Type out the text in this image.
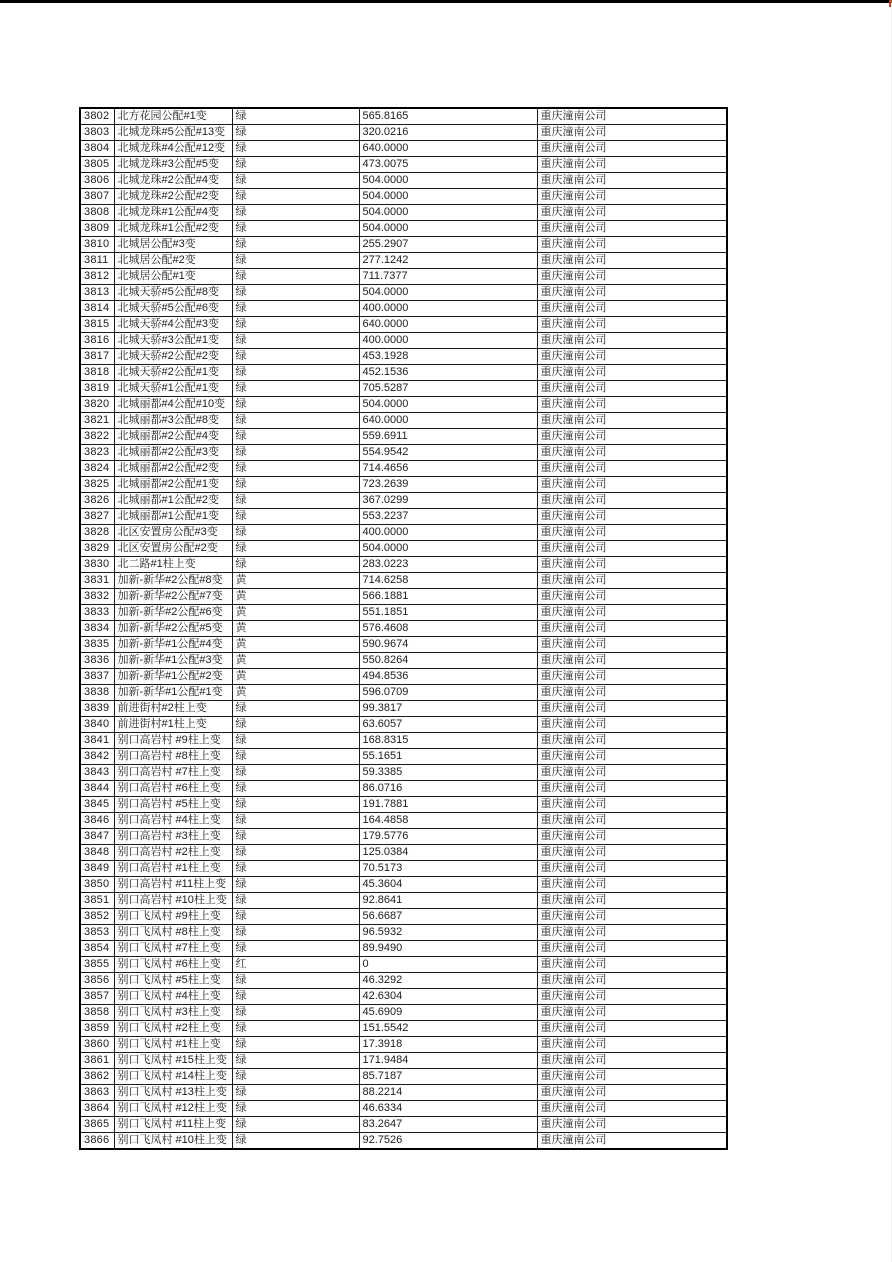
3802	北方花园公配#1变	绿	565.8165	重庆潼南公司
3803	北城龙珠#5公配#13变	绿	320.0216	重庆潼南公司
3804	北城龙珠#4公配#12变	绿	640.0000	重庆潼南公司
3805	北城龙珠#3公配#5变	绿	473.0075	重庆潼南公司
3806	北城龙珠#2公配#4变	绿	504.0000	重庆潼南公司
3807	北城龙珠#2公配#2变	绿	504.0000	重庆潼南公司
3808	北城龙珠#1公配#4变	绿	504.0000	重庆潼南公司
3809	北城龙珠#1公配#2变	绿	504.0000	重庆潼南公司
3810	北城居公配#3变	绿	255.2907	重庆潼南公司
3811	北城居公配#2变	绿	277.1242	重庆潼南公司
3812	北城居公配#1变	绿	711.7377	重庆潼南公司
3813	北城天骄#5公配#8变	绿	504.0000	重庆潼南公司
3814	北城天骄#5公配#6变	绿	400.0000	重庆潼南公司
3815	北城天骄#4公配#3变	绿	640.0000	重庆潼南公司
3816	北城天骄#3公配#1变	绿	400.0000	重庆潼南公司
3817	北城天骄#2公配#2变	绿	453.1928	重庆潼南公司
3818	北城天骄#2公配#1变	绿	452.1536	重庆潼南公司
3819	北城天骄#1公配#1变	绿	705.5287	重庆潼南公司
3820	北城丽都#4公配#10变	绿	504.0000	重庆潼南公司
3821	北城丽都#3公配#8变	绿	640.0000	重庆潼南公司
3822	北城丽都#2公配#4变	绿	559.6911	重庆潼南公司
3823	北城丽都#2公配#3变	绿	554.9542	重庆潼南公司
3824	北城丽都#2公配#2变	绿	714.4656	重庆潼南公司
3825	北城丽都#2公配#1变	绿	723.2639	重庆潼南公司
3826	北城丽都#1公配#2变	绿	367.0299	重庆潼南公司
3827	北城丽都#1公配#1变	绿	553.2237	重庆潼南公司
3828	北区安置房公配#3变	绿	400.0000	重庆潼南公司
3829	北区安置房公配#2变	绿	504.0000	重庆潼南公司
3830	北二路#1柱上变	绿	283.0223	重庆潼南公司
3831	加新-新华#2公配#8变	黄	714.6258	重庆潼南公司
3832	加新-新华#2公配#7变	黄	566.1881	重庆潼南公司
3833	加新-新华#2公配#6变	黄	551.1851	重庆潼南公司
3834	加新-新华#2公配#5变	黄	576.4608	重庆潼南公司
3835	加新-新华#1公配#4变	黄	590.9674	重庆潼南公司
3836	加新-新华#1公配#3变	黄	550.8264	重庆潼南公司
3837	加新-新华#1公配#2变	黄	494.8536	重庆潼南公司
3838	加新-新华#1公配#1变	黄	596.0709	重庆潼南公司
3839	前进街村#2柱上变	绿	99.3817	重庆潼南公司
3840	前进街村#1柱上变	绿	63.6057	重庆潼南公司
3841	别口高岩村 #9柱上变	绿	168.8315	重庆潼南公司
3842	别口高岩村 #8柱上变	绿	55.1651	重庆潼南公司
3843	别口高岩村 #7柱上变	绿	59.3385	重庆潼南公司
3844	别口高岩村 #6柱上变	绿	86.0716	重庆潼南公司
3845	别口高岩村 #5柱上变	绿	191.7881	重庆潼南公司
3846	别口高岩村 #4柱上变	绿	164.4858	重庆潼南公司
3847	别口高岩村 #3柱上变	绿	179.5776	重庆潼南公司
3848	别口高岩村 #2柱上变	绿	125.0384	重庆潼南公司
3849	别口高岩村 #1柱上变	绿	70.5173	重庆潼南公司
3850	别口高岩村 #11柱上变	绿	45.3604	重庆潼南公司
3851	别口高岩村 #10柱上变	绿	92.8641	重庆潼南公司
3852	别口飞凤村 #9柱上变	绿	56.6687	重庆潼南公司
3853	别口飞凤村 #8柱上变	绿	96.5932	重庆潼南公司
3854	别口飞凤村 #7柱上变	绿	89.9490	重庆潼南公司
3855	别口飞凤村 #6柱上变	红	0	重庆潼南公司
3856	别口飞凤村 #5柱上变	绿	46.3292	重庆潼南公司
3857	别口飞凤村 #4柱上变	绿	42.6304	重庆潼南公司
3858	别口飞凤村 #3柱上变	绿	45.6909	重庆潼南公司
3859	别口飞凤村 #2柱上变	绿	151.5542	重庆潼南公司
3860	别口飞凤村 #1柱上变	绿	17.3918	重庆潼南公司
3861	别口飞凤村 #15柱上变	绿	171.9484	重庆潼南公司
3862	别口飞凤村 #14柱上变	绿	85.7187	重庆潼南公司
3863	别口飞凤村 #13柱上变	绿	88.2214	重庆潼南公司
3864	别口飞凤村 #12柱上变	绿	46.6334	重庆潼南公司
3865	别口飞凤村 #11柱上变	绿	83.2647	重庆潼南公司
3866	别口飞凤村 #10柱上变	绿	92.7526	重庆潼南公司
